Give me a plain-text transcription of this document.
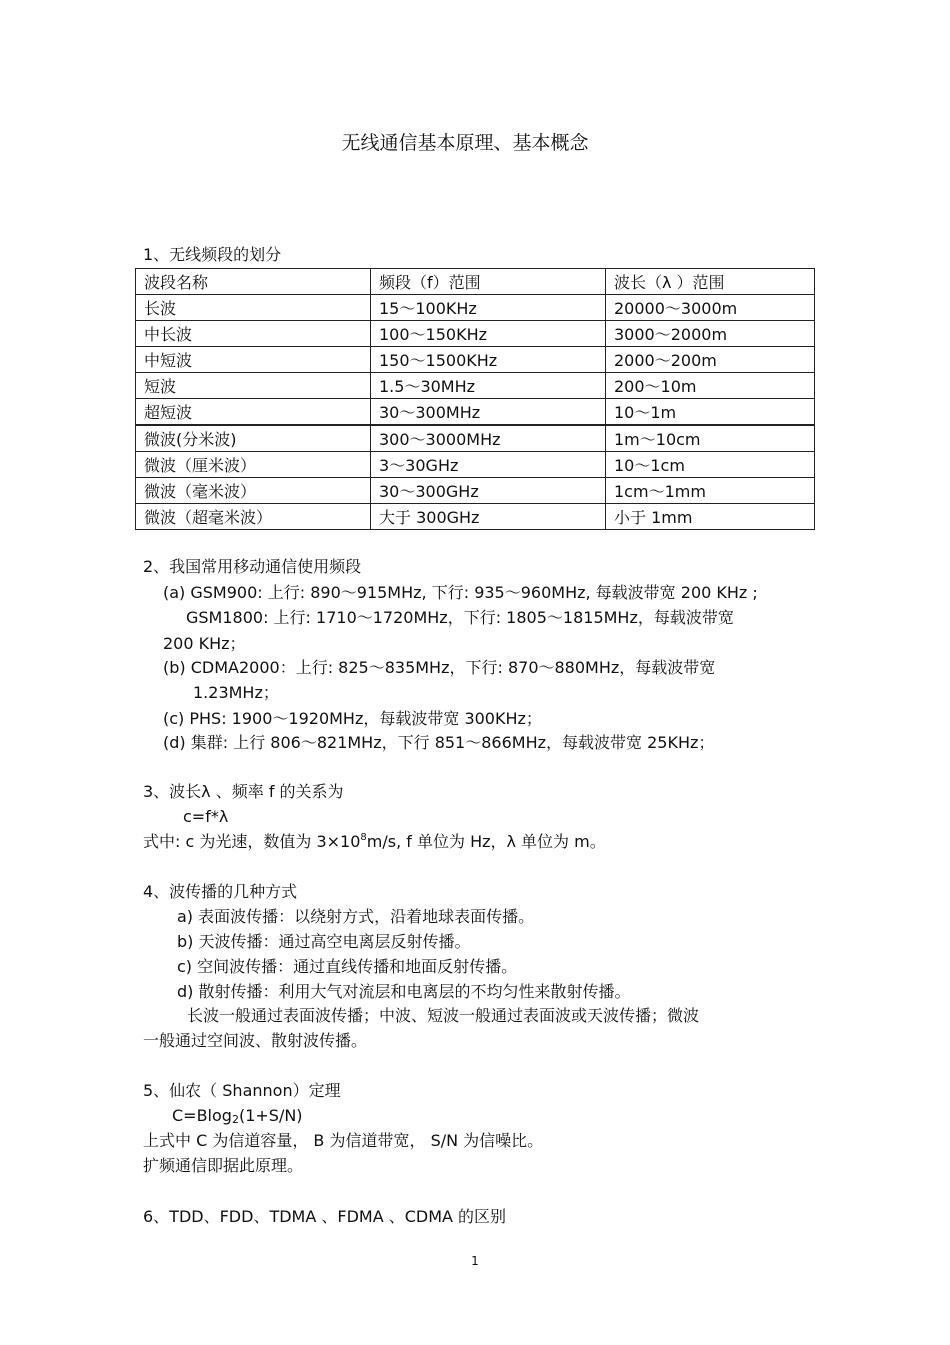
无线通信基本原理、基本概念
1、无线频段的划分
波段名称	频段（f）范围	波长（λ ）范围
长波	15～100KHz	20000～3000m
中长波	100～150KHz	3000～2000m
中短波	150～1500KHz	2000～200m
短波	1.5～30MHz	200～10m
超短波	30～300MHz	10～1m
微波(分米波)	300～3000MHz	1m～10cm
微波（厘米波）	3～30GHz	10～1cm
微波（毫米波）	30～300GHz	1cm～1mm
微波（超毫米波）	大于 300GHz	小于 1mm
2、我国常用移动通信使用频段
(a) GSM900: 上行: 890～915MHz, 下行: 935～960MHz, 每载波带宽 200 KHz ;
GSM1800: 上行: 1710～1720MHz，下行: 1805～1815MHz，每载波带宽
200 KHz；
(b) CDMA2000：上行: 825～835MHz，下行: 870～880MHz，每载波带宽
1.23MHz；
(c) PHS: 1900～1920MHz，每载波带宽 300KHz；
(d) 集群: 上行 806～821MHz，下行 851～866MHz，每载波带宽 25KHz；
3、波长λ 、频率 f 的关系为
c=f*λ
式中: c 为光速，数值为 $3\times 10^8m/s$, f 单位为 Hz，λ 单位为 m。
4、波传播的几种方式
a) 表面波传播：以绕射方式，沿着地球表面传播。
b) 天波传播：通过高空电离层反射传播。
c) 空间波传播：通过直线传播和地面反射传播。
d) 散射传播：利用大气对流层和电离层的不均匀性来散射传播。
长波一般通过表面波传播；中波、短波一般通过表面波或天波传播；微波
一般通过空间波、散射波传播。
5、仙农（ Shannon）定理
C=Blog$_2$(1+S/N)
上式中 C 为信道容量， B 为信道带宽， S/N 为信噪比。
扩频通信即据此原理。
6、TDD、FDD、TDMA 、FDMA 、CDMA 的区别
1
